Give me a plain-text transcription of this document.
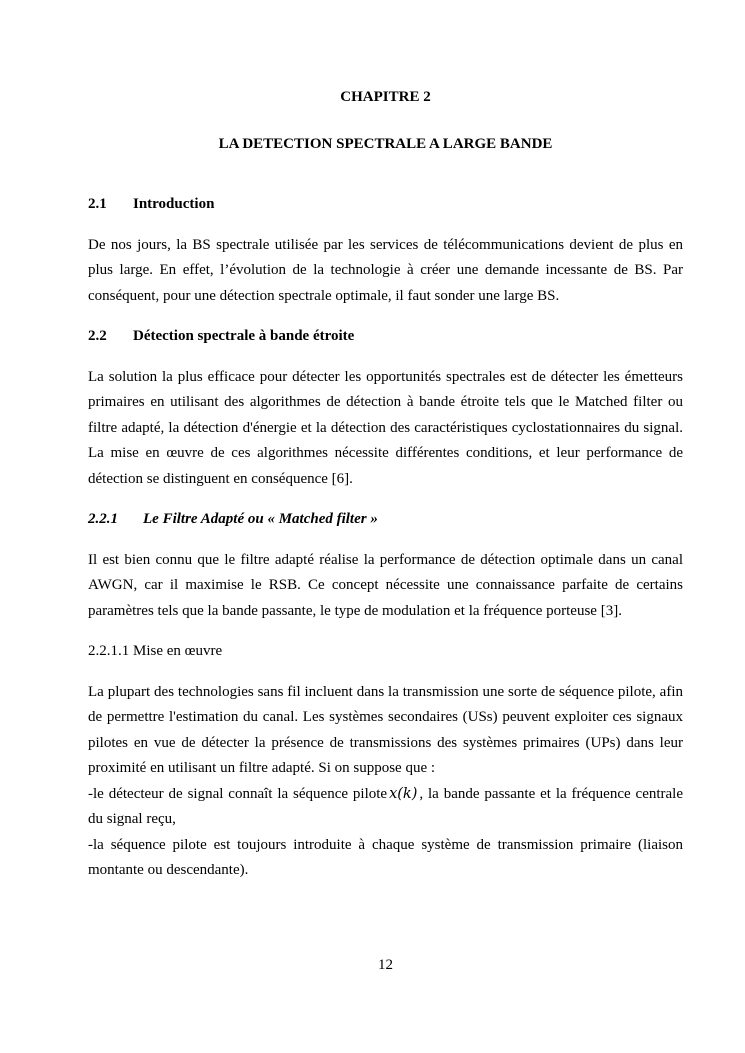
CHAPITRE 2
LA DETECTION SPECTRALE A LARGE BANDE
2.1	Introduction

De nos jours, la BS spectrale utilisée par les services de télécommunications devient de plus en plus large. En effet, l’évolution de la technologie à créer une demande incessante de BS. Par conséquent, pour une détection spectrale optimale, il faut sonder une large BS.

2.2	Détection spectrale à bande étroite

La solution la plus efficace pour détecter les opportunités spectrales est de détecter les émetteurs primaires en utilisant des algorithmes de détection à bande étroite tels que le Matched filter ou filtre adapté, la détection d'énergie et la détection des caractéristiques cyclostationnaires du signal. La mise en œuvre de ces algorithmes nécessite différentes conditions, et leur performance de détection se distinguent en conséquence [6].

2.2.1	Le Filtre Adapté ou « Matched filter »

Il est bien connu que le filtre adapté réalise la performance de détection optimale dans un canal AWGN, car il maximise le RSB. Ce concept nécessite une connaissance parfaite de certains paramètres tels que la bande passante, le type de modulation et la fréquence porteuse [3].

2.2.1.1 Mise en œuvre

La plupart des technologies sans fil incluent dans la transmission une sorte de séquence pilote, afin de permettre l'estimation du canal. Les systèmes secondaires (USs) peuvent exploiter ces signaux pilotes en vue de détecter la présence de transmissions des systèmes primaires (UPs) dans leur proximité en utilisant un filtre adapté. Si on suppose que :

-le détecteur de signal connaît la séquence pilote x(k) , la bande passante et la fréquence centrale du signal reçu,

-la séquence pilote est toujours introduite à chaque système de transmission primaire (liaison montante ou descendante).

12
